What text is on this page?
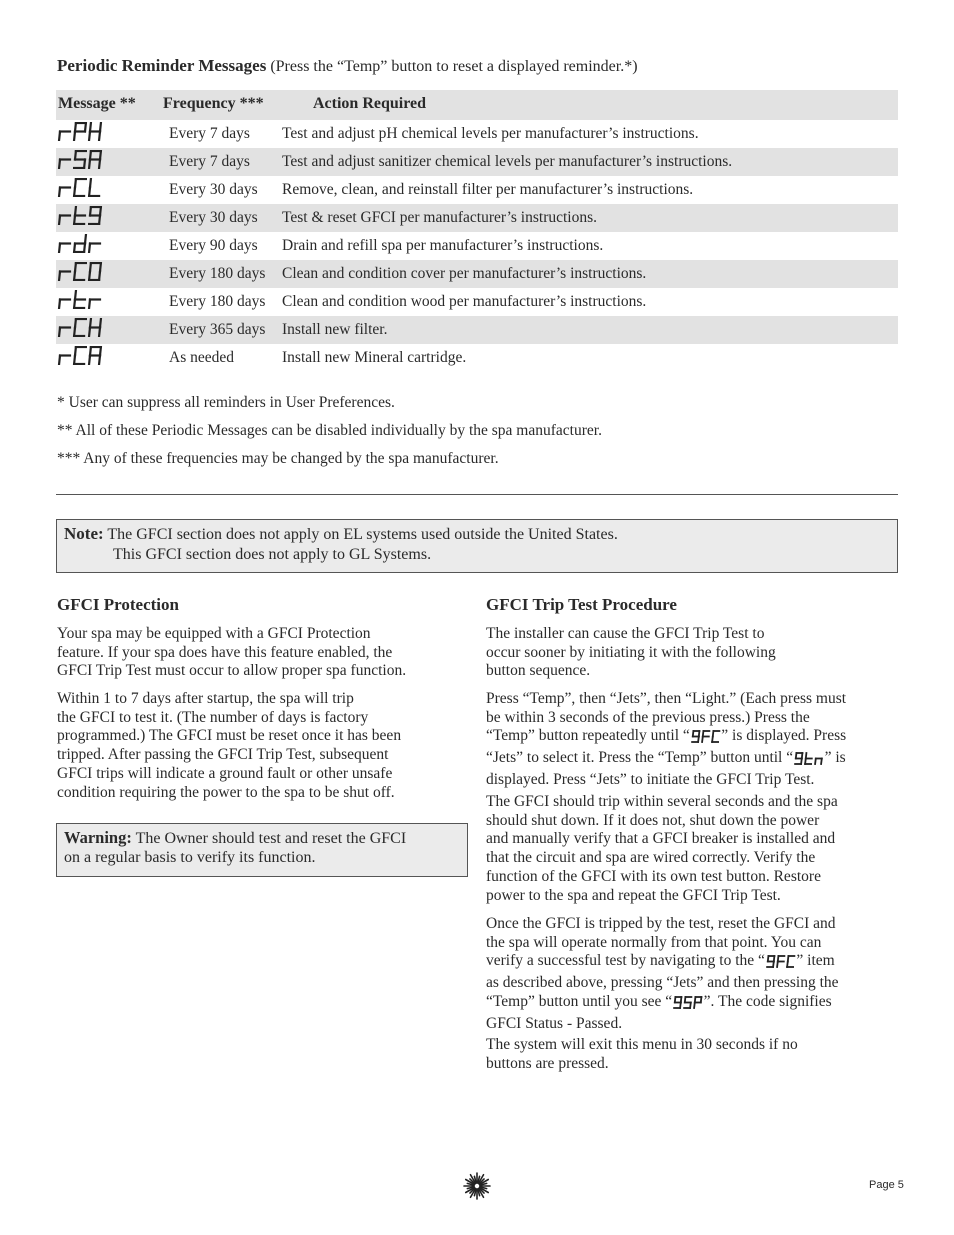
Periodic Reminder Messages (Press the “Temp” button to reset a displayed reminder.*)
Message ** Frequency ***	Action Required
Every 7 days Test and adjust pH chemical levels per manufacturer’s instructions.
Every 7 days Test and adjust sanitizer chemical levels per manufacturer’s instructions.
Every 30 days Remove, clean, and reinstall filter per manufacturer’s instructions.
Every 30 days Test & reset GFCI per manufacturer’s instructions.
Every 90 days Drain and refill spa per manufacturer’s instructions.
Every 180 days Clean and condition cover per manufacturer’s instructions.
Every 180 days Clean and condition wood per manufacturer’s instructions.
Every 365 days Install new filter.
As needed	Install new Mineral cartridge.
* User can suppress all reminders in User Preferences.
** All of these Periodic Messages can be disabled individually by the spa manufacturer.
*** Any of these frequencies may be changed by the spa manufacturer.
Note: The GFCI section does not apply on EL systems used outside the United States.
This GFCI section does not apply to GL Systems.
GFCI Protection
Your spa may be equipped with a GFCI Protection
feature. If your spa does have this feature enabled, the
GFCI Trip Test must occur to allow proper spa function.
Within 1 to 7 days after startup, the spa will trip
the GFCI to test it. (The number of days is factory
programmed.) The GFCI must be reset once it has been
tripped. After passing the GFCI Trip Test, subsequent
GFCI trips will indicate a ground fault or other unsafe
condition requiring the power to the spa to be shut off.
Warning: The Owner should test and reset the GFCI
on a regular basis to verify its function.
GFCI Trip Test Procedure
The installer can cause the GFCI Trip Test to
occur sooner by initiating it with the following
button sequence.
Press “Temp”, then “Jets”, then “Light.” (Each press must
be within 3 seconds of the previous press.) Press the
“Temp” button repeatedly until “ ” is displayed. Press
“Jets” to select it. Press the “Temp” button until “ ” is
displayed. Press “Jets” to initiate the GFCI Trip Test.
The GFCI should trip within several seconds and the spa
should shut down. If it does not, shut down the power
and manually verify that a GFCI breaker is installed and
that the circuit and spa are wired correctly. Verify the
function of the GFCI with its own test button. Restore
power to the spa and repeat the GFCI Trip Test.
Once the GFCI is tripped by the test, reset the GFCI and
the spa will operate normally from that point. You can
verify a successful test by navigating to the “ ” item
as described above, pressing “Jets” and then pressing the
“Temp” button until you see “ ”. The code signifies
GFCI Status - Passed.
The system will exit this menu in 30 seconds if no
buttons are pressed.
Page 5
